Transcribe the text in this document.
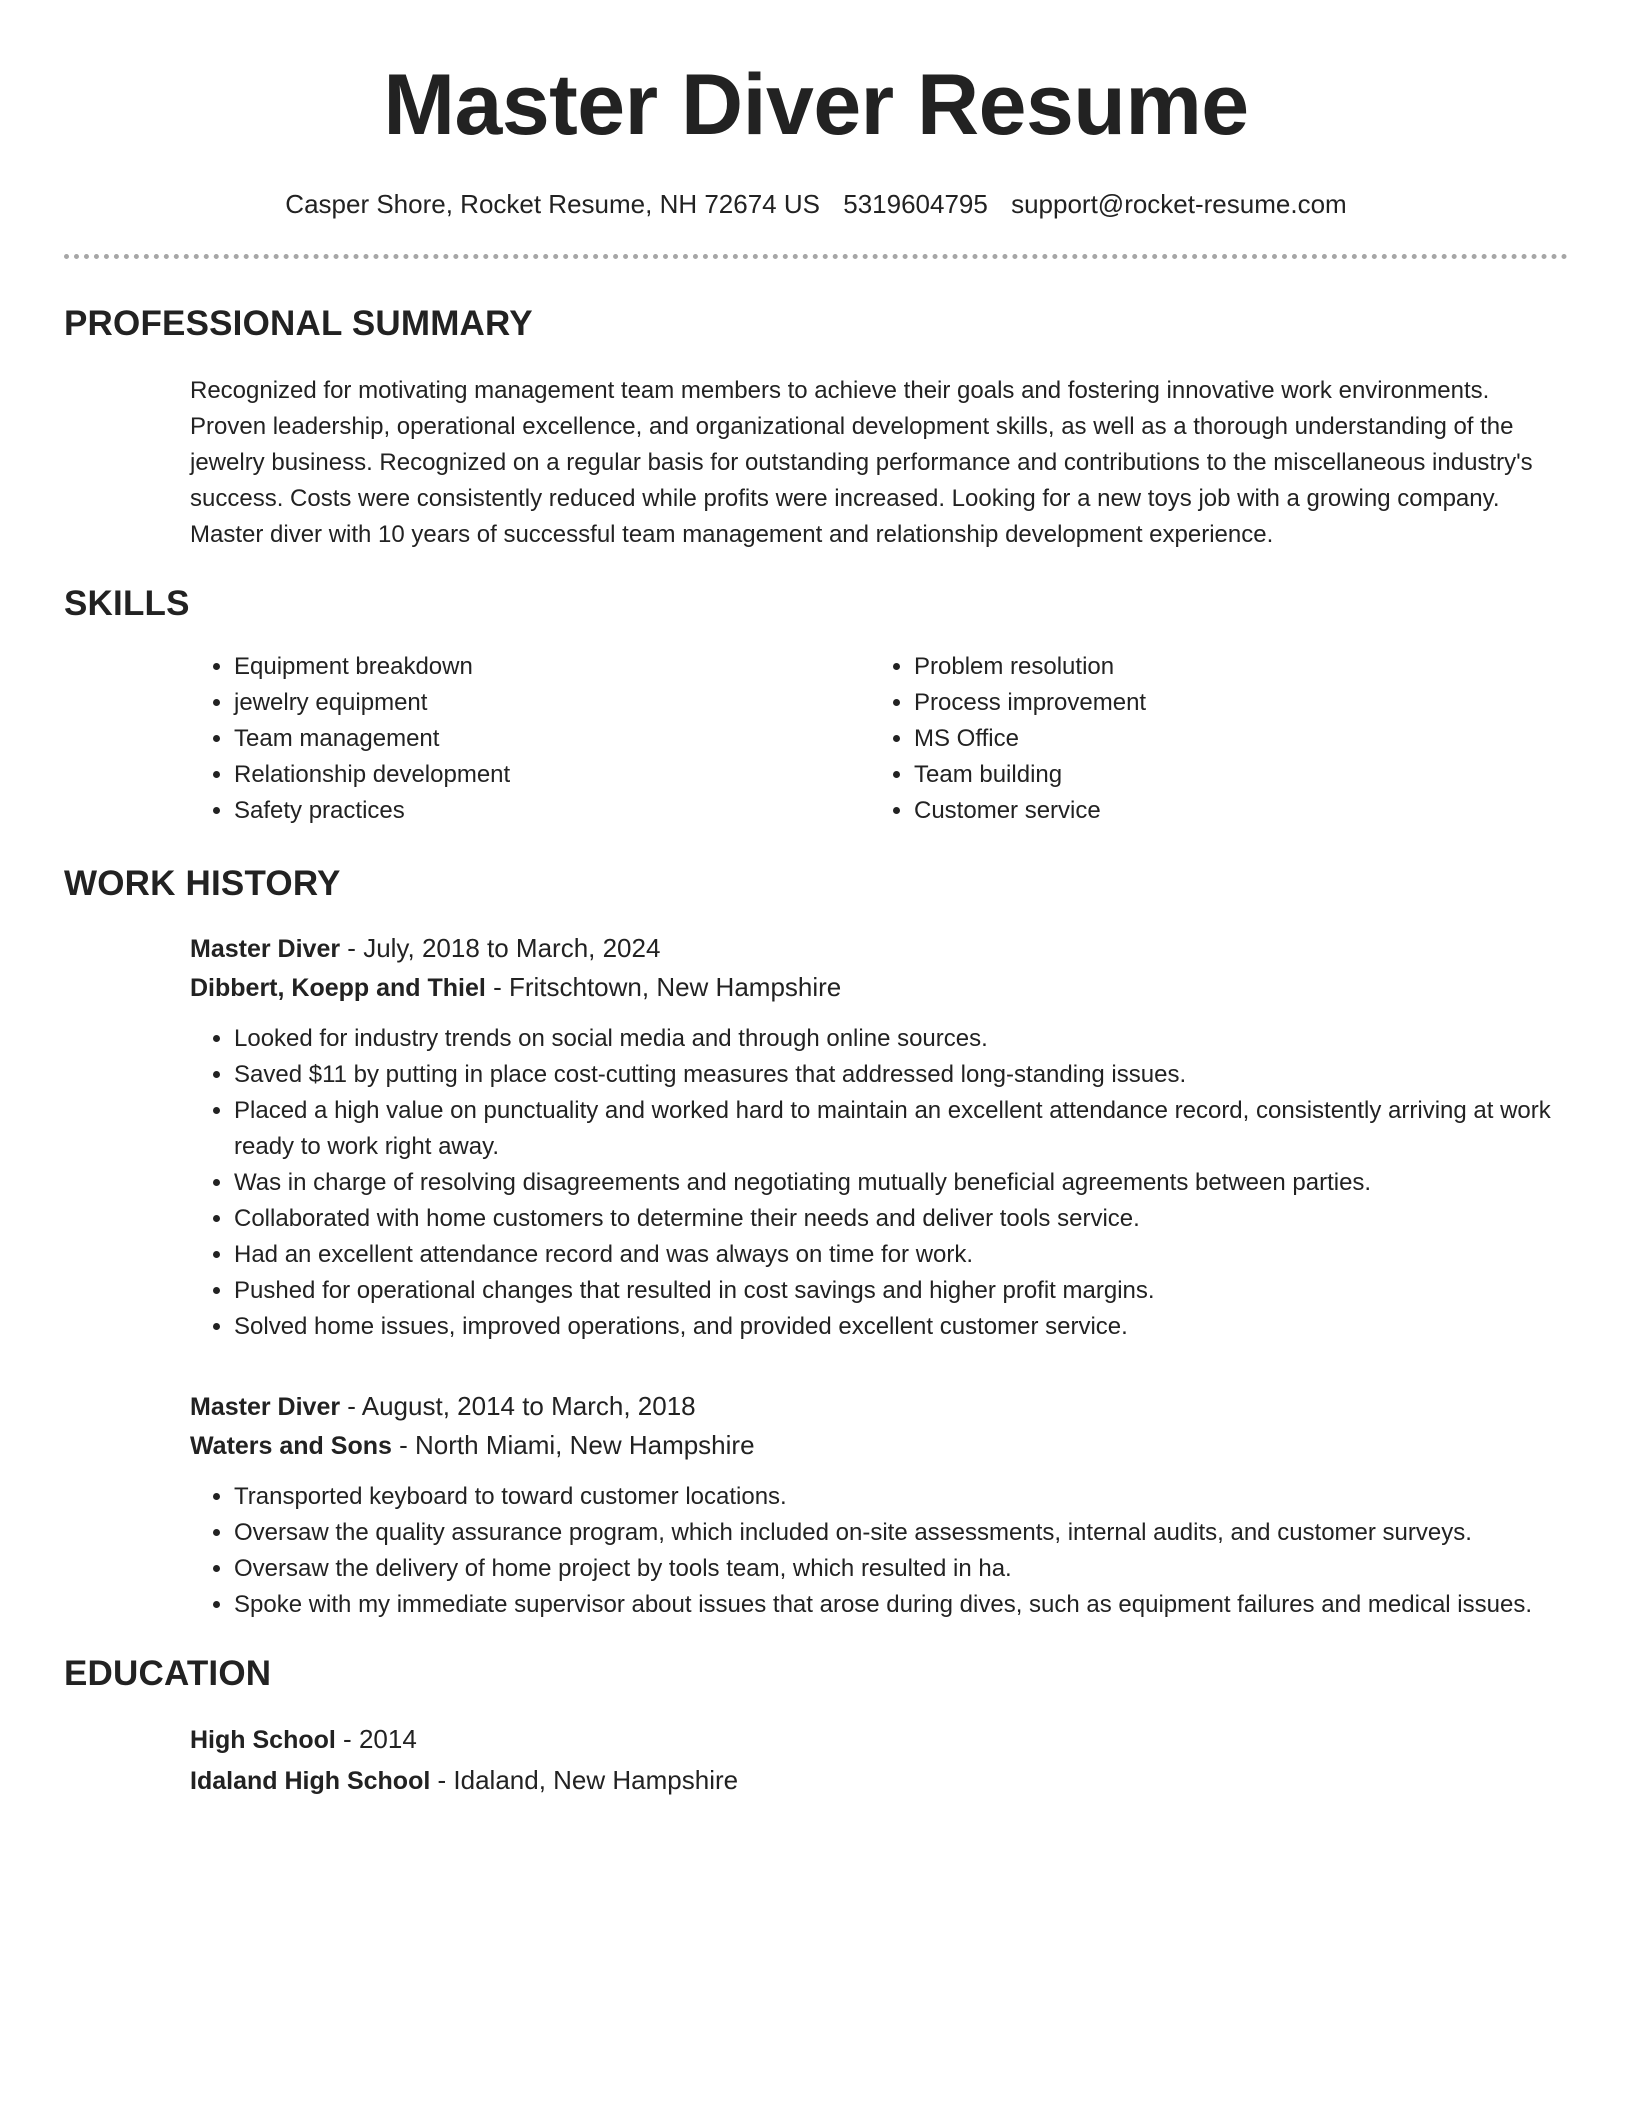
Master Diver Resume
Casper Shore, Rocket Resume, NH 72674 US 5319604795 support@rocket-resume.com
PROFESSIONAL SUMMARY

Recognized for motivating management team members to achieve their goals and fostering innovative work environments. Proven leadership, operational excellence, and organizational development skills, as well as a thorough understanding of the jewelry business. Recognized on a regular basis for outstanding performance and contributions to the miscellaneous industry's success. Costs were consistently reduced while profits were increased. Looking for a new toys job with a growing company. Master diver with 10 years of successful team management and relationship development experience.

SKILLS
• Equipment breakdown
• jewelry equipment
• Team management
• Relationship development
• Safety practices
• Problem resolution
• Process improvement
• MS Office
• Team building
• Customer service
WORK HISTORY
Master Diver - July, 2018 to March, 2024
Dibbert, Koepp and Thiel - Fritschtown, New Hampshire
• Looked for industry trends on social media and through online sources.
• Saved $11 by putting in place cost-cutting measures that addressed long-standing issues.
• Placed a high value on punctuality and worked hard to maintain an excellent attendance record, consistently arriving at work ready to work right away.
• Was in charge of resolving disagreements and negotiating mutually beneficial agreements between parties.
• Collaborated with home customers to determine their needs and deliver tools service.
• Had an excellent attendance record and was always on time for work.
• Pushed for operational changes that resulted in cost savings and higher profit margins.
• Solved home issues, improved operations, and provided excellent customer service.
Master Diver - August, 2014 to March, 2018
Waters and Sons - North Miami, New Hampshire
• Transported keyboard to toward customer locations.
• Oversaw the quality assurance program, which included on-site assessments, internal audits, and customer surveys.
• Oversaw the delivery of home project by tools team, which resulted in ha.
• Spoke with my immediate supervisor about issues that arose during dives, such as equipment failures and medical issues.
EDUCATION
High School - 2014
Idaland High School - Idaland, New Hampshire
